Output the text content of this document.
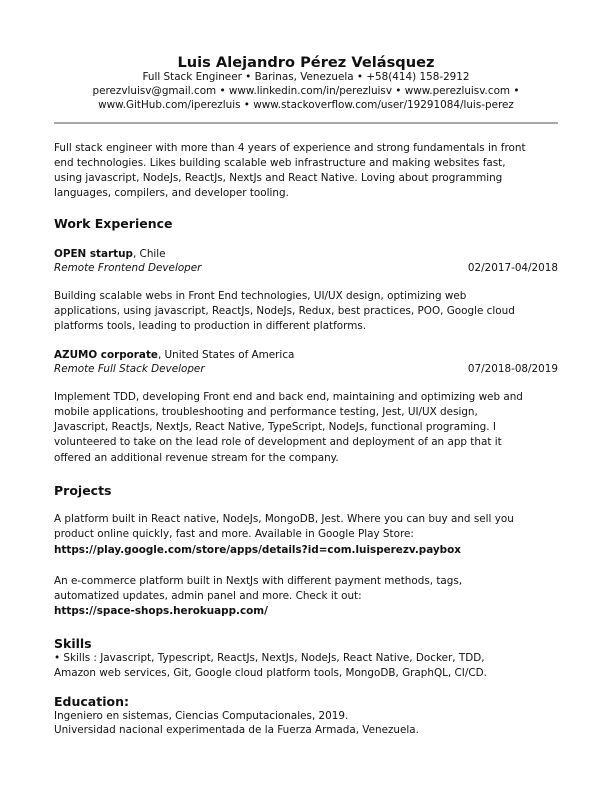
Luis Alejandro Pérez Velásquez
Full Stack Engineer • Barinas, Venezuela • +58(414) 158-2912
perezvluisv@gmail.com • www.linkedin.com/in/perezluisv • www.perezluisv.com •
www.GitHub.com/iperezluis • www.stackoverflow.com/user/19291084/luis-perez
Full stack engineer with more than 4 years of experience and strong fundamentals in front
end technologies. Likes building scalable web infrastructure and making websites fast,
using javascript, NodeJs, ReactJs, NextJs and React Native. Loving about programming
languages, compilers, and developer tooling.
Work Experience
OPEN startup, Chile
Remote Frontend Developer	02/2017-04/2018
Building scalable webs in Front End technologies, UI/UX design, optimizing web
applications, using javascript, ReactJs, NodeJs, Redux, best practices, POO, Google cloud
platforms tools, leading to production in different platforms.
AZUMO corporate, United States of America
Remote Full Stack Developer	07/2018-08/2019
Implement TDD, developing Front end and back end, maintaining and optimizing web and
mobile applications, troubleshooting and performance testing, Jest, UI/UX design,
Javascript, ReactJs, NextJs, React Native, TypeScript, NodeJs, functional programing. I
volunteered to take on the lead role of development and deployment of an app that it
offered an additional revenue stream for the company.
Projects
A platform built in React native, NodeJs, MongoDB, Jest. Where you can buy and sell you
product online quickly, fast and more. Available in Google Play Store:
https://play.google.com/store/apps/details?id=com.luisperezv.paybox
An e-commerce platform built in NextJs with different payment methods, tags,
automatized updates, admin panel and more. Check it out:
https://space-shops.herokuapp.com/
Skills
• Skills : Javascript, Typescript, ReactJs, NextJs, NodeJs, React Native, Docker, TDD,
Amazon web services, Git, Google cloud platform tools, MongoDB, GraphQL, CI/CD.
Education:
Ingeniero en sistemas, Ciencias Computacionales, 2019.
Universidad nacional experimentada de la Fuerza Armada, Venezuela.
